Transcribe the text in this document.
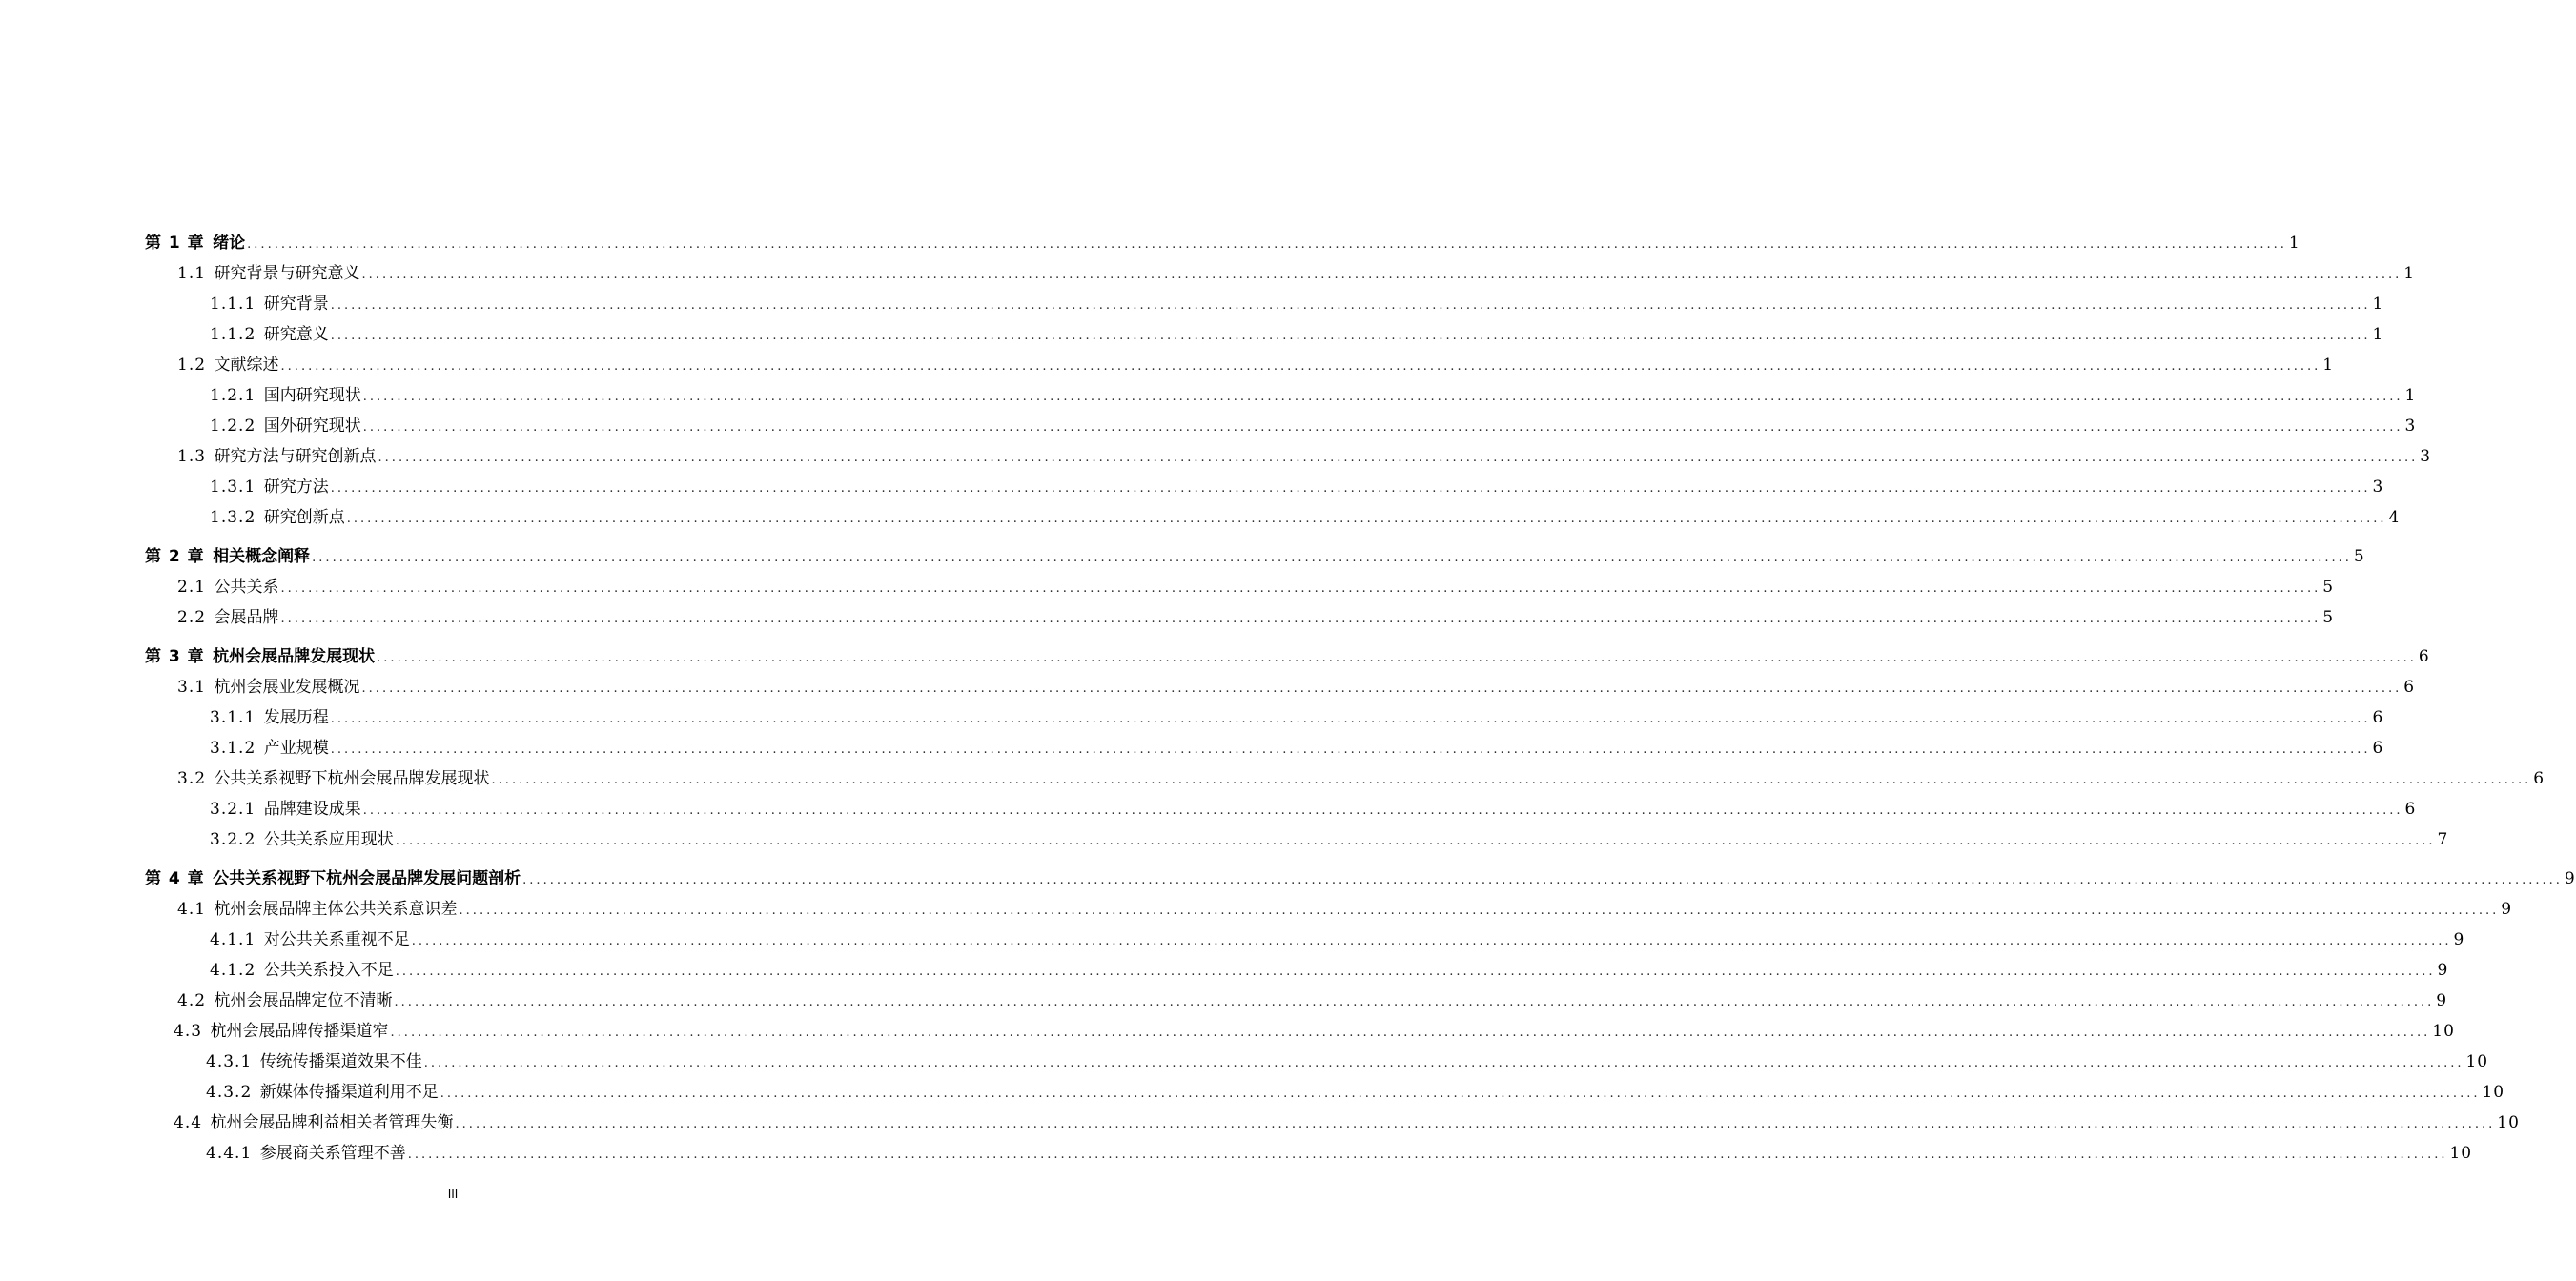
第 1 章  绪论 ............................................................................................................................................................................................................................................................................................................ 1
1.1  研究背景与研究意义 ............................................................................................................................................................................................................................................................................................................ 1
1.1.1  研究背景 ............................................................................................................................................................................................................................................................................................................ 1
1.1.2  研究意义 ............................................................................................................................................................................................................................................................................................................ 1
1.2  文献综述 ............................................................................................................................................................................................................................................................................................................ 1
1.2.1  国内研究现状 ............................................................................................................................................................................................................................................................................................................ 1
1.2.2  国外研究现状 ............................................................................................................................................................................................................................................................................................................ 3
1.3  研究方法与研究创新点 ............................................................................................................................................................................................................................................................................................................ 3
1.3.1  研究方法 ............................................................................................................................................................................................................................................................................................................ 3
1.3.2  研究创新点 ............................................................................................................................................................................................................................................................................................................ 4
第 2 章  相关概念阐释 ............................................................................................................................................................................................................................................................................................................ 5
2.1  公共关系 ............................................................................................................................................................................................................................................................................................................ 5
2.2  会展品牌 ............................................................................................................................................................................................................................................................................................................ 5
第 3 章  杭州会展品牌发展现状 ............................................................................................................................................................................................................................................................................................................ 6
3.1  杭州会展业发展概况 ............................................................................................................................................................................................................................................................................................................ 6
3.1.1  发展历程 ............................................................................................................................................................................................................................................................................................................ 6
3.1.2  产业规模 ............................................................................................................................................................................................................................................................................................................ 6
3.2  公共关系视野下杭州会展品牌发展现状 ............................................................................................................................................................................................................................................................................................................ 6
3.2.1  品牌建设成果 ............................................................................................................................................................................................................................................................................................................ 6
3.2.2  公共关系应用现状 ............................................................................................................................................................................................................................................................................................................ 7
第 4 章  公共关系视野下杭州会展品牌发展问题剖析 ............................................................................................................................................................................................................................................................................................................ 9
4.1  杭州会展品牌主体公共关系意识差 ............................................................................................................................................................................................................................................................................................................ 9
4.1.1  对公共关系重视不足 ............................................................................................................................................................................................................................................................................................................ 9
4.1.2  公共关系投入不足 ............................................................................................................................................................................................................................................................................................................ 9
4.2  杭州会展品牌定位不清晰 ............................................................................................................................................................................................................................................................................................................ 9
4.3  杭州会展品牌传播渠道窄 ............................................................................................................................................................................................................................................................................................................ 10
4.3.1  传统传播渠道效果不佳 ............................................................................................................................................................................................................................................................................................................ 10
4.3.2  新媒体传播渠道利用不足 ............................................................................................................................................................................................................................................................................................................ 10
4.4  杭州会展品牌利益相关者管理失衡 ............................................................................................................................................................................................................................................................................................................ 10
4.4.1  参展商关系管理不善 ............................................................................................................................................................................................................................................................................................................ 10
III
